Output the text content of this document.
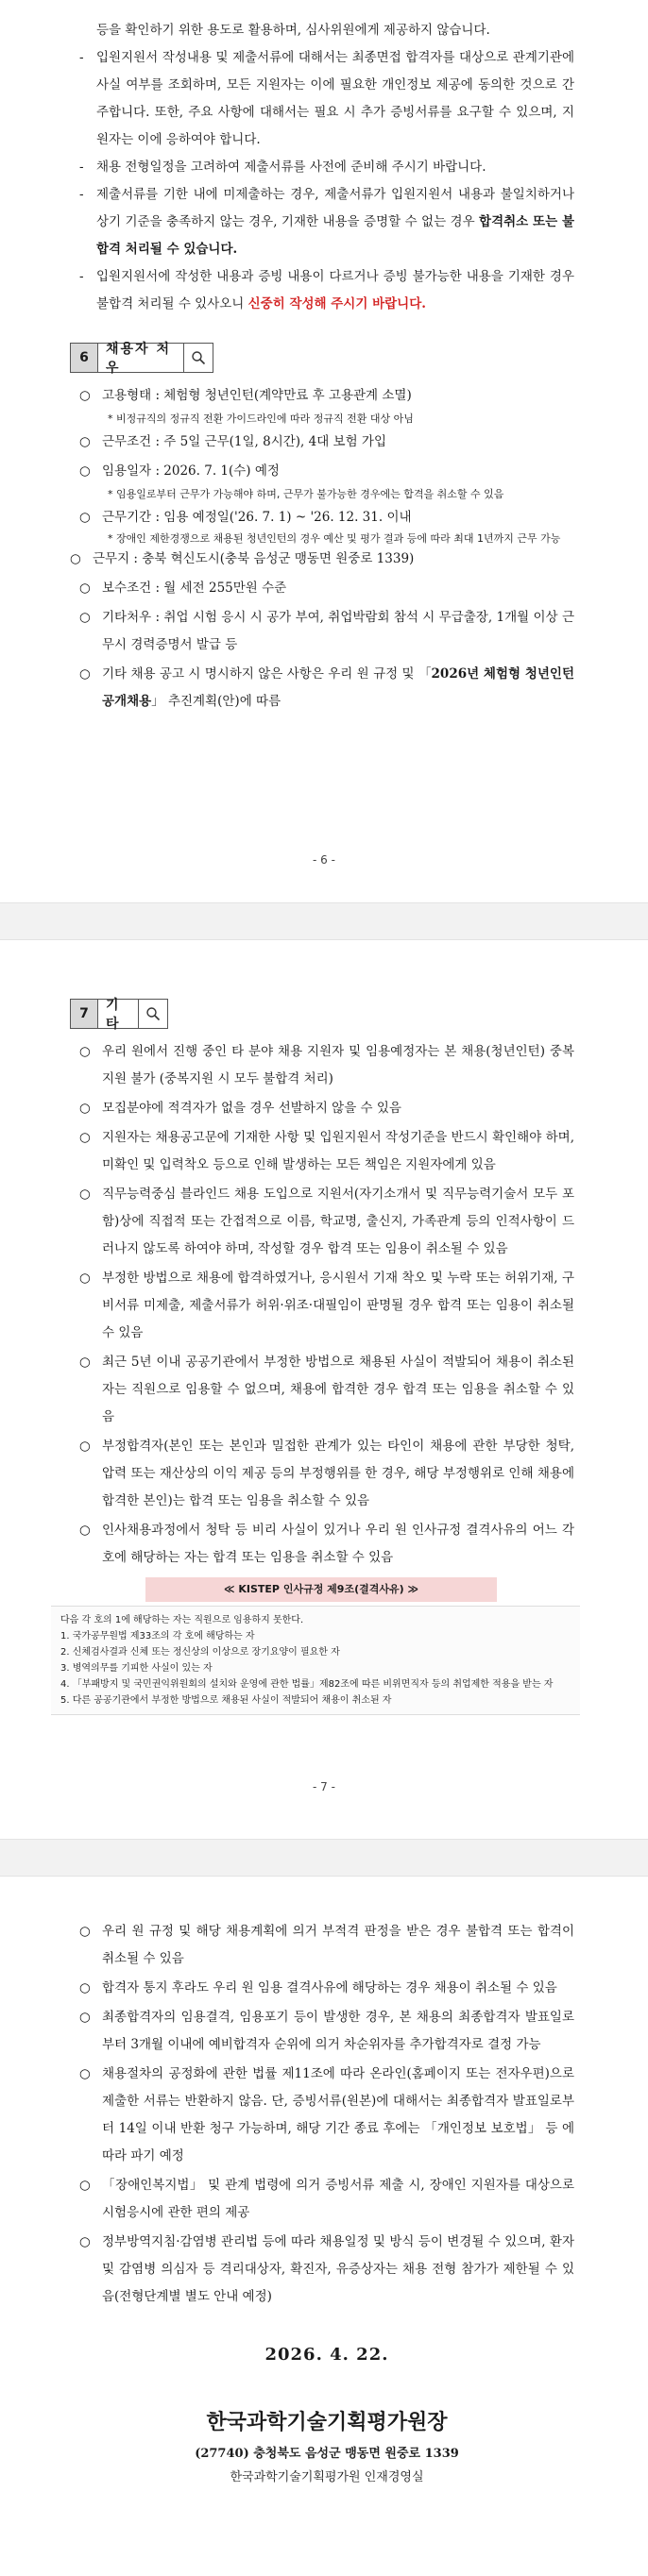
등을 확인하기 위한 용도로 활용하며, 심사위원에게 제공하지 않습니다.

- 입원지원서 작성내용 및 제출서류에 대해서는 최종면접 합격자를 대상으로 관계기관에 사실 여부를 조회하며, 모든 지원자는 이에 필요한 개인정보 제공에 동의한 것으로 간주합니다. 또한, 주요 사항에 대해서는 필요 시 추가 증빙서류를 요구할 수 있으며, 지원자는 이에 응하여야 합니다.

- 채용 전형일정을 고려하여 제출서류를 사전에 준비해 주시기 바랍니다.

- 제출서류를 기한 내에 미제출하는 경우, 제출서류가 입원지원서 내용과 불일치하거나 상기 기준을 충족하지 않는 경우, 기재한 내용을 증명할 수 없는 경우 합격취소 또는 불합격 처리될 수 있습니다.

- 입원지원서에 작성한 내용과 증빙 내용이 다르거나 증빙 불가능한 내용을 기재한 경우 불합격 처리될 수 있사오니 신중히 작성해 주시기 바랍니다.

6
채용자 처우

○ 고용형태 : 체험형 청년인턴(계약만료 후 고용관계 소멸)

* 비정규직의 정규직 전환 가이드라인에 따라 정규직 전환 대상 아님

○ 근무조건 : 주 5일 근무(1일, 8시간), 4대 보험 가입

○ 임용일자 : 2026. 7. 1(수) 예정

* 임용일로부터 근무가 가능해야 하며, 근무가 불가능한 경우에는 합격을 취소할 수 있음

○ 근무기간 : 임용 예정일('26. 7. 1) ~ '26. 12. 31. 이내

* 장애인 제한경쟁으로 채용된 청년인턴의 경우 예산 및 평가 결과 등에 따라 최대 1년까지 근무 가능

○ 근무지 : 충북 혁신도시(충북 음성군 맹동면 원중로 1339)

○ 보수조건 : 월 세전 255만원 수준

○ 기타처우 : 취업 시험 응시 시 공가 부여, 취업박람회 참석 시 무급출장, 1개월 이상 근무시 경력증명서 발급 등

○ 기타 채용 공고 시 명시하지 않은 사항은 우리 원 규정 및 「2026년 체험형 청년인턴 공개채용」 추진계획(안)에 따름

- 6 -
7
기 타

○ 우리 원에서 진행 중인 타 분야 채용 지원자 및 임용예정자는 본 채용(청년인턴) 중복지원 불가 (중복지원 시 모두 불합격 처리)

○ 모집분야에 적격자가 없을 경우 선발하지 않을 수 있음

○ 지원자는 채용공고문에 기재한 사항 및 입원지원서 작성기준을 반드시 확인해야 하며, 미확인 및 입력착오 등으로 인해 발생하는 모든 책임은 지원자에게 있음

○ 직무능력중심 블라인드 채용 도입으로 지원서(자기소개서 및 직무능력기술서 모두 포함)상에 직접적 또는 간접적으로 이름, 학교명, 출신지, 가족관계 등의 인적사항이 드러나지 않도록 하여야 하며, 작성할 경우 합격 또는 임용이 취소될 수 있음

○ 부정한 방법으로 채용에 합격하였거나, 응시원서 기재 착오 및 누락 또는 허위기재, 구비서류 미제출, 제출서류가 허위·위조·대필임이 판명될 경우 합격 또는 임용이 취소될 수 있음

○ 최근 5년 이내 공공기관에서 부정한 방법으로 채용된 사실이 적발되어 채용이 취소된 자는 직원으로 임용할 수 없으며, 채용에 합격한 경우 합격 또는 임용을 취소할 수 있음

○ 부정합격자(본인 또는 본인과 밀접한 관계가 있는 타인이 채용에 관한 부당한 청탁, 압력 또는 재산상의 이익 제공 등의 부정행위를 한 경우, 해당 부정행위로 인해 채용에 합격한 본인)는 합격 또는 임용을 취소할 수 있음

○ 인사채용과정에서 청탁 등 비리 사실이 있거나 우리 원 인사규정 결격사유의 어느 각 호에 해당하는 자는 합격 또는 임용을 취소할 수 있음

≪ KISTEP 인사규정 제9조(결격사유) ≫
다음 각 호의 1에 해당하는 자는 직원으로 임용하지 못한다.
1. 국가공무원법 제33조의 각 호에 해당하는 자
2. 신체검사결과 신체 또는 정신상의 이상으로 장기요양이 필요한 자
3. 병역의무를 기피한 사실이 있는 자
4. 「부패방지 및 국민권익위원회의 설치와 운영에 관한 법률」제82조에 따른 비위면직자 등의 취업제한 적용을 받는 자
5. 다른 공공기관에서 부정한 방법으로 채용된 사실이 적발되어 채용이 취소된 자
- 7 -

○ 우리 원 규정 및 해당 채용계획에 의거 부적격 판정을 받은 경우 불합격 또는 합격이 취소될 수 있음

○ 합격자 통지 후라도 우리 원 임용 결격사유에 해당하는 경우 채용이 취소될 수 있음

○ 최종합격자의 임용결격, 임용포기 등이 발생한 경우, 본 채용의 최종합격자 발표일로부터 3개월 이내에 예비합격자 순위에 의거 차순위자를 추가합격자로 결정 가능

○ 채용절차의 공정화에 관한 법률 제11조에 따라 온라인(홈페이지 또는 전자우편)으로 제출한 서류는 반환하지 않음. 단, 증빙서류(원본)에 대해서는 최종합격자 발표일로부터 14일 이내 반환 청구 가능하며, 해당 기간 종료 후에는 「개인정보 보호법」 등 에 따라 파기 예정

○ 「장애인복지법」 및 관계 법령에 의거 증빙서류 제출 시, 장애인 지원자를 대상으로 시험응시에 관한 편의 제공

○ 정부방역지침·감염병 관리법 등에 따라 채용일정 및 방식 등이 변경될 수 있으며, 환자 및 감염병 의심자 등 격리대상자, 확진자, 유증상자는 채용 전형 참가가 제한될 수 있음(전형단계별 별도 안내 예정)

2026. 4. 22.
한국과학기술기획평가원장
(27740) 충청북도 음성군 맹동면 원중로 1339
한국과학기술기획평가원 인재경영실
